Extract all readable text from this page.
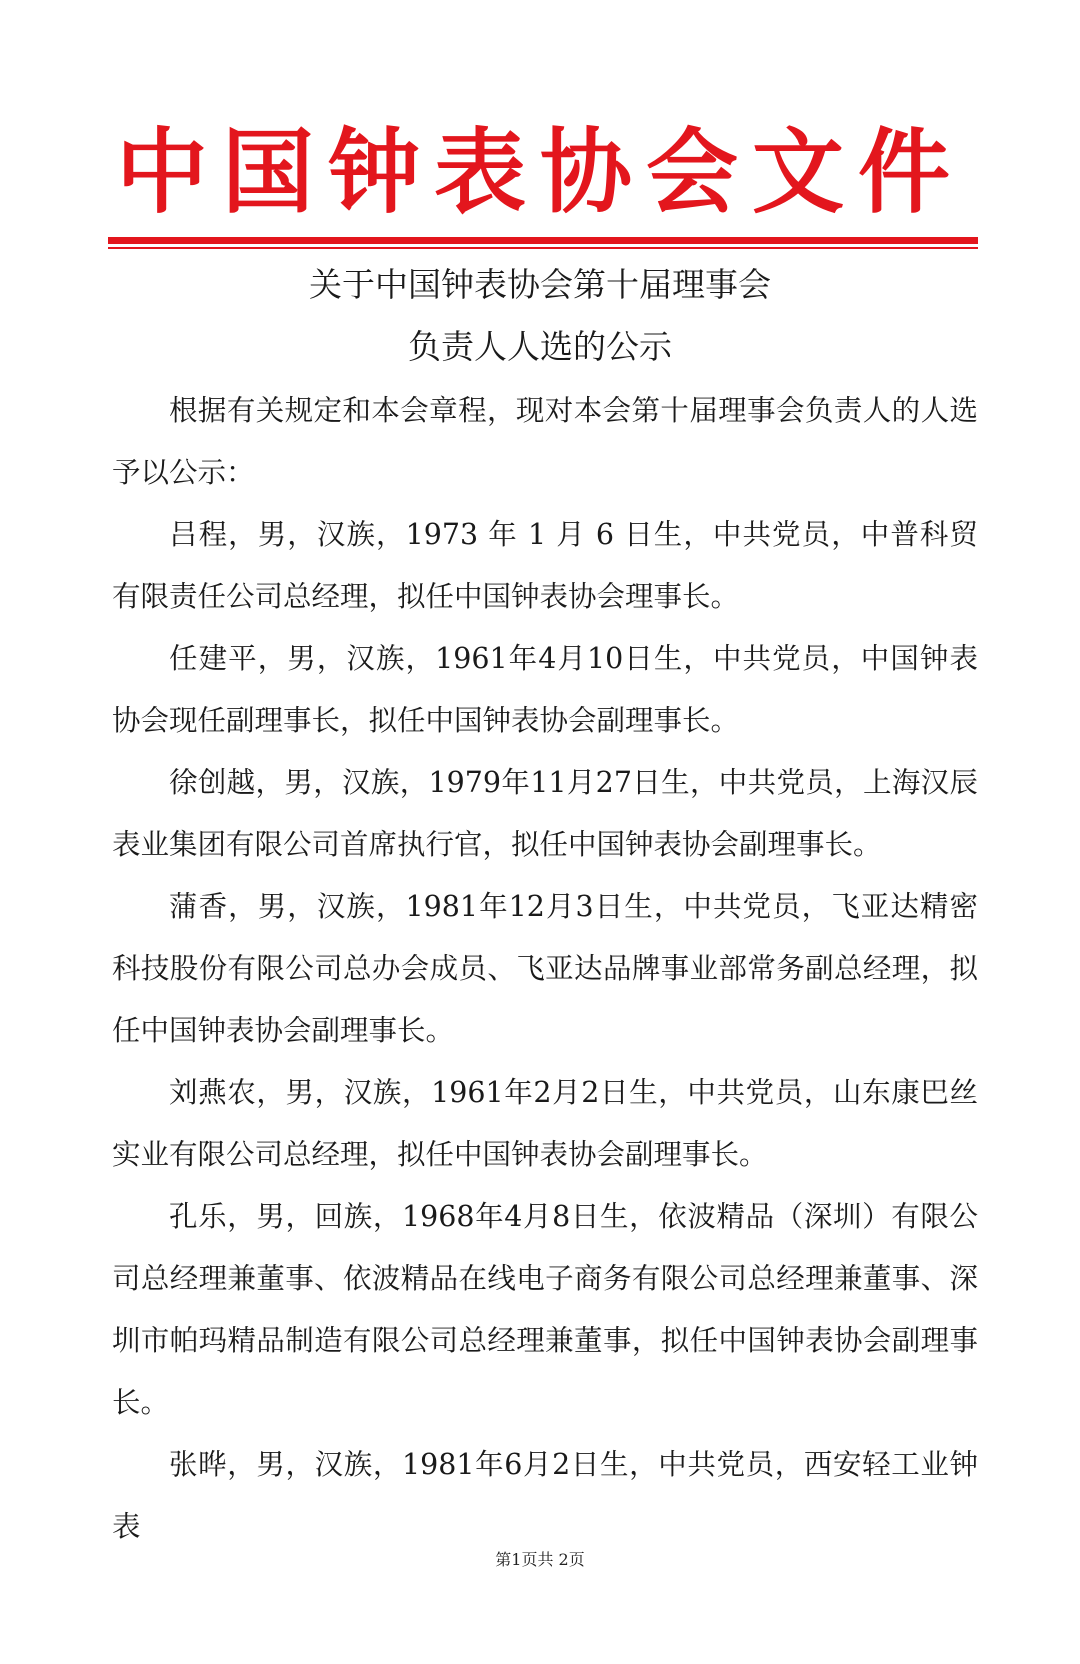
中国钟表协会文件
关于中国钟表协会第十届理事会
负责人人选的公示

根据有关规定和本会章程，现对本会第十届理事会负责人的人选予以公示：

吕程，男，汉族，1973 年 1 月 6 日生，中共党员，中普科贸有限责任公司总经理，拟任中国钟表协会理事长。

任建平，男，汉族，1961年4月10日生，中共党员，中国钟表协会现任副理事长，拟任中国钟表协会副理事长。

徐创越，男，汉族，1979年11月27日生，中共党员，上海汉辰表业集团有限公司首席执行官，拟任中国钟表协会副理事长。

蒲香，男，汉族，1981年12月3日生，中共党员，飞亚达精密科技股份有限公司总办会成员、飞亚达品牌事业部常务副总经理，拟任中国钟表协会副理事长。

刘燕农，男，汉族，1961年2月2日生，中共党员，山东康巴丝实业有限公司总经理，拟任中国钟表协会副理事长。

孔乐，男，回族，1968年4月8日生，依波精品（深圳）有限公司总经理兼董事、依波精品在线电子商务有限公司总经理兼董事、深圳市帕玛精品制造有限公司总经理兼董事，拟任中国钟表协会副理事长。

张晔，男，汉族，1981年6月2日生，中共党员，西安轻工业钟表

第1页共 2页
